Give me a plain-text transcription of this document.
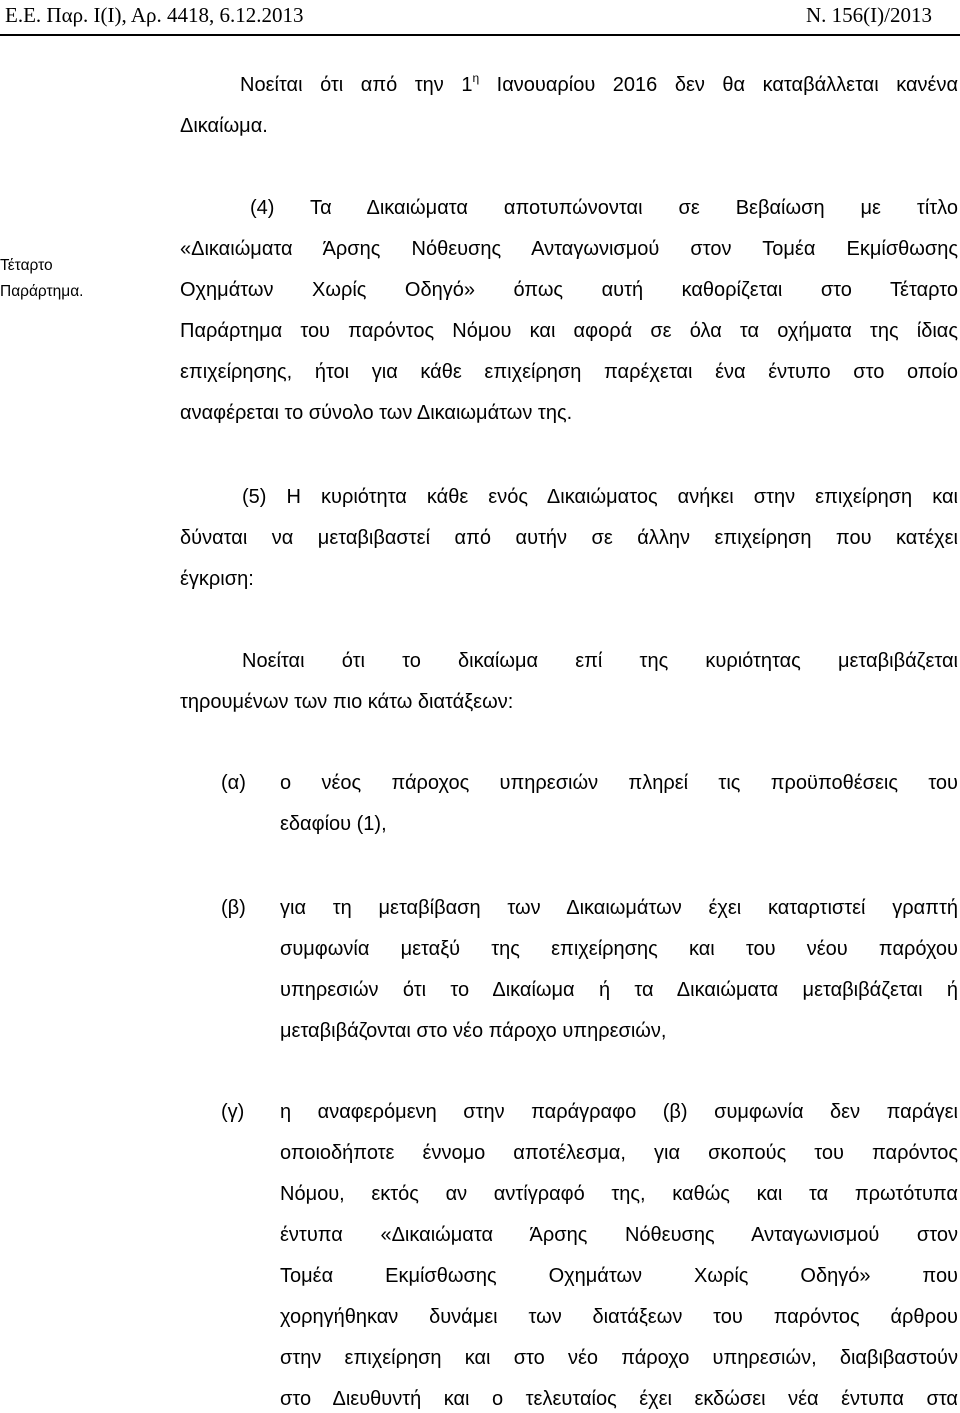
Ε.Ε. Παρ. Ι(I), Αρ. 4418, 6.12.2013	Ν. 156(Ι)/2013
Τέταρτο
Παράρτημα.
Νοείται ότι από την $1^\eta$ Ιανουαρίου 2016 δεν θα καταβάλλεται κανένα
Δικαίωμα.
(4) Τα Δικαιώματα αποτυπώνονται σε Βεβαίωση με τίτλο
«Δικαιώματα Άρσης Νόθευσης Ανταγωνισμού στον Τομέα Εκμίσθωσης
Οχημάτων Χωρίς Οδηγό» όπως αυτή καθορίζεται στο Τέταρτο
Παράρτημα του παρόντος Νόμου και αφορά σε όλα τα οχήματα της ίδιας
επιχείρησης, ήτοι για κάθε επιχείρηση παρέχεται ένα έντυπο στο οποίο
αναφέρεται το σύνολο των Δικαιωμάτων της.
(5) Η κυριότητα κάθε ενός Δικαιώματος ανήκει στην επιχείρηση και
δύναται να μεταβιβαστεί από αυτήν σε άλλην επιχείρηση που κατέχει
έγκριση:
Νοείται ότι το δικαίωμα επί της κυριότητας μεταβιβάζεται
τηρουμένων των πιο κάτω διατάξεων:
(α) ο νέος πάροχος υπηρεσιών πληρεί τις προϋποθέσεις του
εδαφίου (1),
(β) για τη μεταβίβαση των Δικαιωμάτων έχει καταρτιστεί γραπτή
συμφωνία μεταξύ της επιχείρησης και του νέου παρόχου
υπηρεσιών ότι το Δικαίωμα ή τα Δικαιώματα μεταβιβάζεται ή
μεταβιβάζονται στο νέο πάροχο υπηρεσιών,
(γ) η αναφερόμενη στην παράγραφο (β) συμφωνία δεν παράγει
οποιοδήποτε έννομο αποτέλεσμα, για σκοπούς του παρόντος
Νόμου, εκτός αν αντίγραφό της, καθώς και τα πρωτότυπα
έντυπα «Δικαιώματα Άρσης Νόθευσης Ανταγωνισμού στον
Τομέα Εκμίσθωσης Οχημάτων Χωρίς Οδηγό» που
χορηγήθηκαν δυνάμει των διατάξεων του παρόντος άρθρου
στην επιχείρηση και στο νέο πάροχο υπηρεσιών, διαβιβαστούν
στο Διευθυντή και ο τελευταίος έχει εκδώσει νέα έντυπα στα
